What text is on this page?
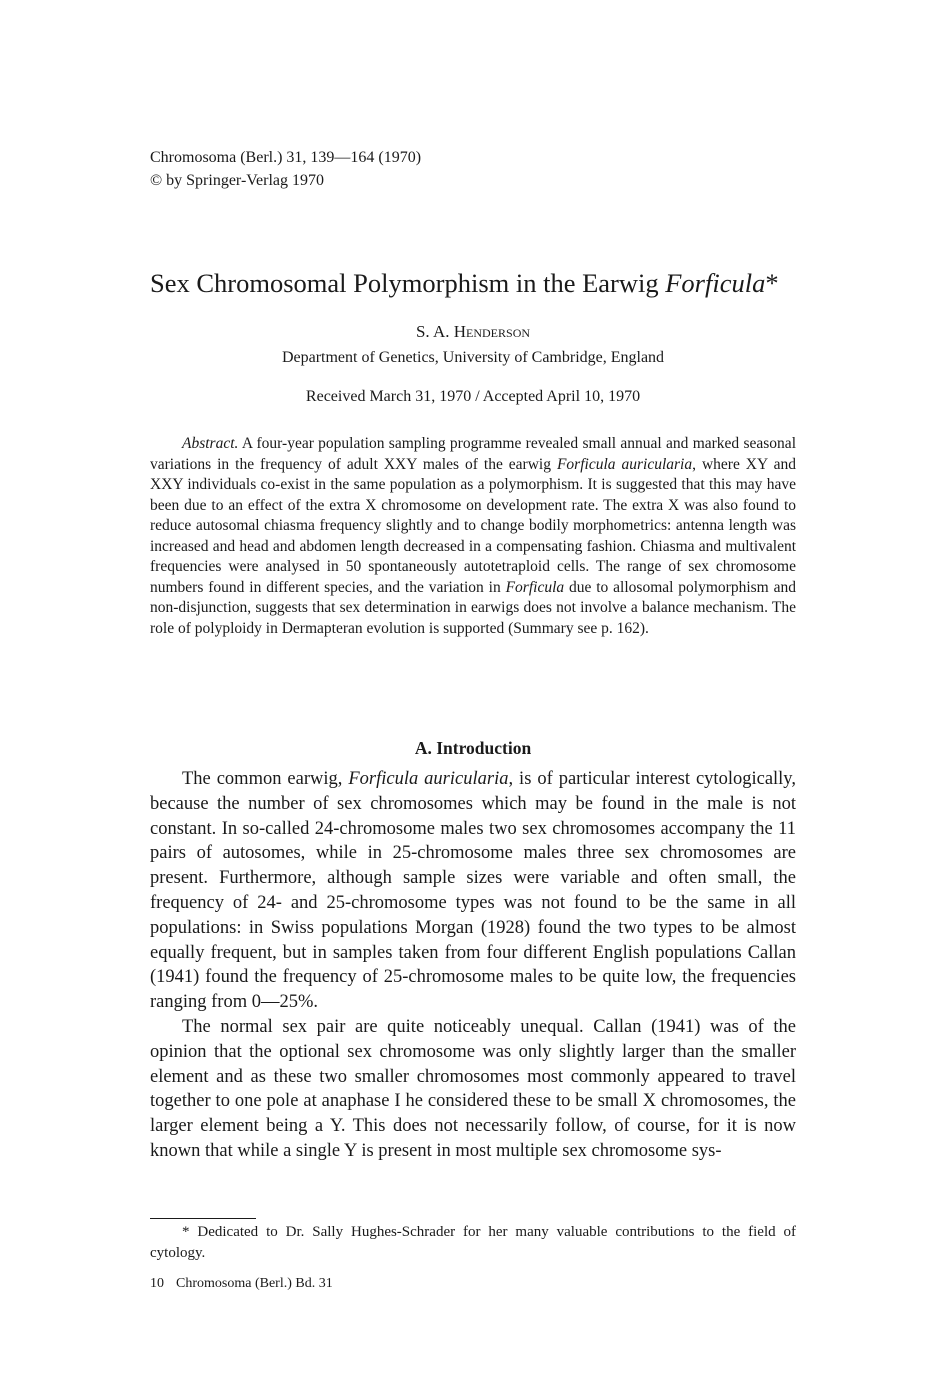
Chromosoma (Berl.) 31, 139—164 (1970)
© by Springer-Verlag 1970
Sex Chromosomal Polymorphism in the Earwig Forficula*
S. A. Henderson
Department of Genetics, University of Cambridge, England
Received March 31, 1970 / Accepted April 10, 1970
Abstract. A four-year population sampling programme revealed small annual and marked seasonal variations in the frequency of adult XXY males of the earwig Forficula auricularia, where XY and XXY individuals co-exist in the same population as a polymorphism. It is suggested that this may have been due to an effect of the extra X chromosome on development rate. The extra X was also found to reduce autosomal chiasma frequency slightly and to change bodily morphometrics: antenna length was increased and head and abdomen length decreased in a compensating fashion. Chiasma and multivalent frequencies were analysed in 50 spontaneously autotetraploid cells. The range of sex chromosome numbers found in different species, and the variation in Forficula due to allosomal polymorphism and non-disjunction, suggests that sex determination in earwigs does not involve a balance mechanism. The role of polyploidy in Dermapteran evolution is supported (Summary see p. 162).
A. Introduction

The common earwig, Forficula auricularia, is of particular interest cytologically, because the number of sex chromosomes which may be found in the male is not constant. In so-called 24-chromosome males two sex chromosomes accompany the 11 pairs of autosomes, while in 25-chromosome males three sex chromosomes are present. Furthermore, although sample sizes were variable and often small, the frequency of 24- and 25-chromosome types was not found to be the same in all populations: in Swiss populations Morgan (1928) found the two types to be almost equally frequent, but in samples taken from four different English populations Callan (1941) found the frequency of 25-chromosome males to be quite low, the frequencies ranging from 0—25%.

The normal sex pair are quite noticeably unequal. Callan (1941) was of the opinion that the optional sex chromosome was only slightly larger than the smaller element and as these two smaller chromosomes most commonly appeared to travel together to one pole at anaphase I he considered these to be small X chromosomes, the larger element being a Y. This does not necessarily follow, of course, for it is now known that while a single Y is present in most multiple sex chromosome sys-

* Dedicated to Dr. Sally Hughes-Schrader for her many valuable contributions to the field of cytology.
10 Chromosoma (Berl.) Bd. 31
